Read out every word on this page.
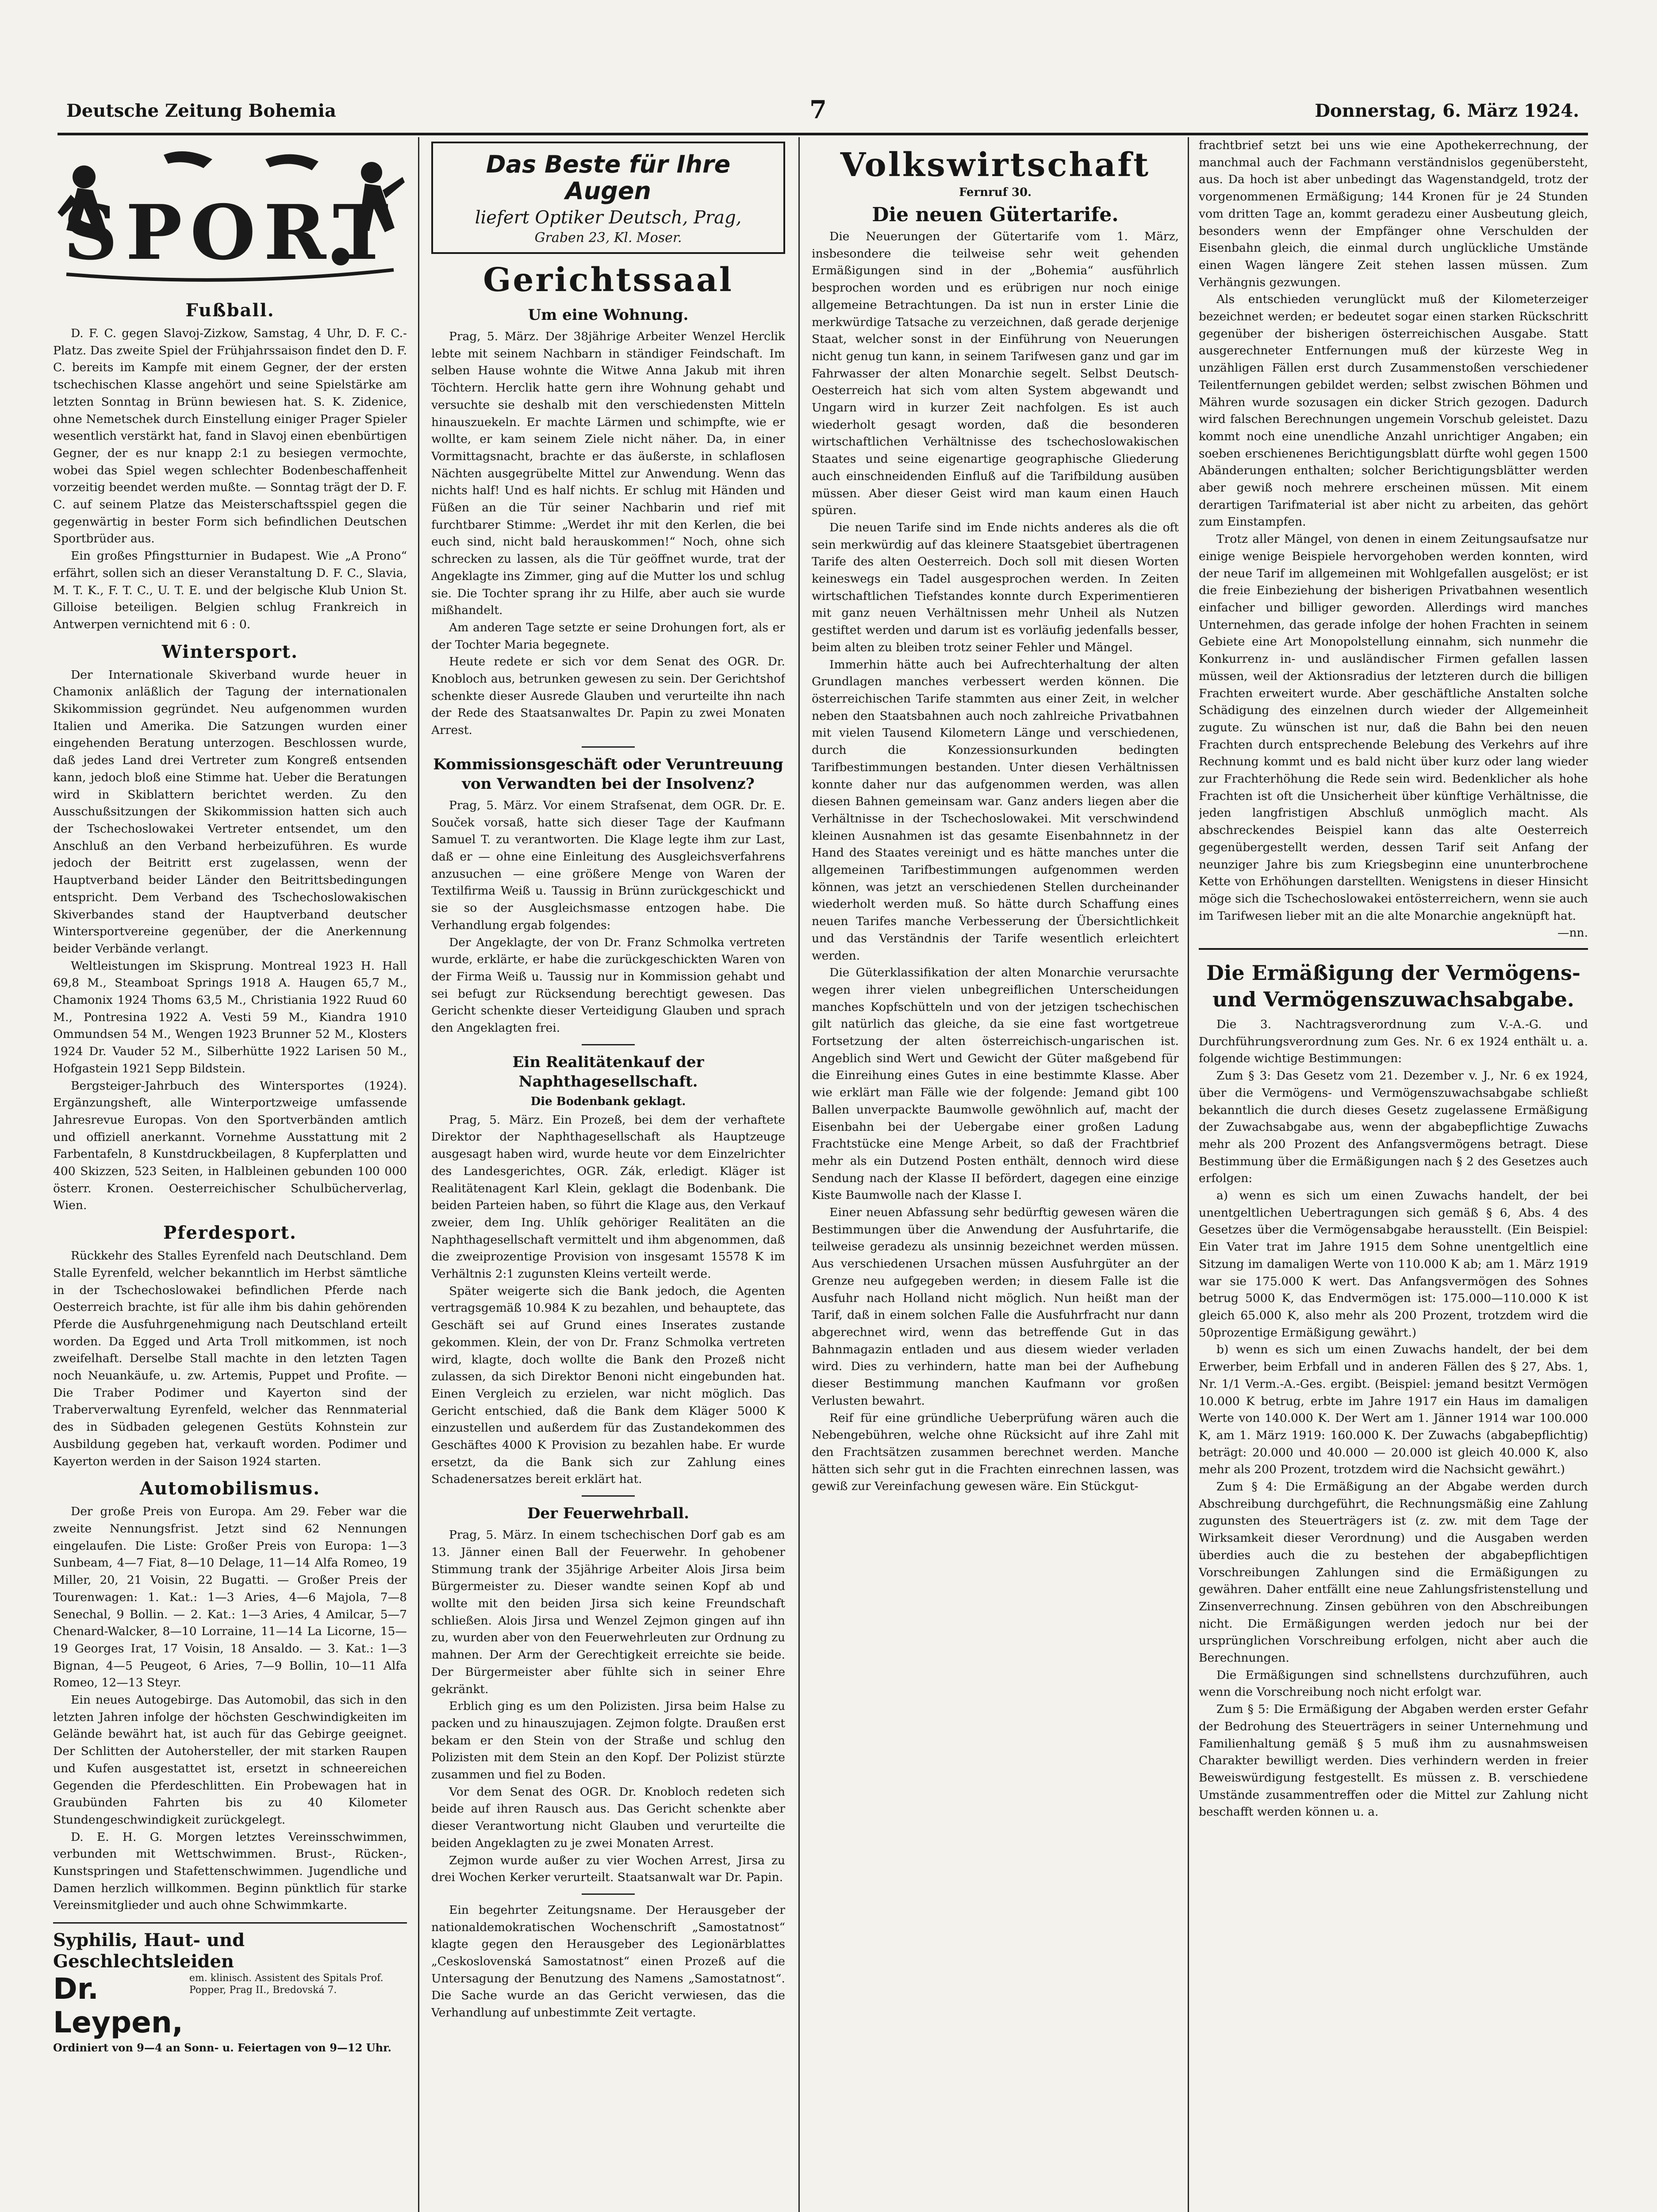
Deutsche Zeitung Bohemia	7	Donnerstag, 6. März 1924.
SPORT
Fußball.

D. F. C. gegen Slavoj-Zizkow, Samstag, 4 Uhr, D. F. C.-Platz. Das zweite Spiel der Frühjahrssaison findet den D. F. C. bereits im Kampfe mit einem Gegner, der der ersten tschechischen Klasse angehört und seine Spielstärke am letzten Sonntag in Brünn bewiesen hat. S. K. Zidenice, ohne Nemetschek durch Einstellung einiger Prager Spieler wesentlich verstärkt hat, fand in Slavoj einen ebenbürtigen Gegner, der es nur knapp 2:1 zu besiegen vermochte, wobei das Spiel wegen schlechter Bodenbeschaffenheit vorzeitig beendet werden mußte. — Sonntag trägt der D. F. C. auf seinem Platze das Meisterschaftsspiel gegen die gegenwärtig in bester Form sich befindlichen Deutschen Sportbrüder aus.

Ein großes Pfingstturnier in Budapest. Wie „A Prono“ erfährt, sollen sich an dieser Veranstaltung D. F. C., Slavia, M. T. K., F. T. C., U. T. E. und der belgische Klub Union St. Gilloise beteiligen. Belgien schlug Frankreich in Antwerpen vernichtend mit 6 : 0.

Wintersport.

Der Internationale Skiverband wurde heuer in Chamonix anläßlich der Tagung der internationalen Skikommission gegründet. Neu aufgenommen wurden Italien und Amerika. Die Satzungen wurden einer eingehenden Beratung unterzogen. Beschlossen wurde, daß jedes Land drei Vertreter zum Kongreß entsenden kann, jedoch bloß eine Stimme hat. Ueber die Beratungen wird in Skiblattern berichtet werden. Zu den Ausschußsitzungen der Skikommission hatten sich auch der Tschechoslowakei Vertreter entsendet, um den Anschluß an den Verband herbeizuführen. Es wurde jedoch der Beitritt erst zugelassen, wenn der Hauptverband beider Länder den Beitrittsbedingungen entspricht. Dem Verband des Tschechoslowakischen Skiverbandes stand der Hauptverband deutscher Wintersportvereine gegenüber, der die Anerkennung beider Verbände verlangt.

Weltleistungen im Skisprung. Montreal 1923 H. Hall 69,8 M., Steamboat Springs 1918 A. Haugen 65,7 M., Chamonix 1924 Thoms 63,5 M., Christiania 1922 Ruud 60 M., Pontresina 1922 A. Vesti 59 M., Kiandra 1910 Ommundsen 54 M., Wengen 1923 Brunner 52 M., Klosters 1924 Dr. Vauder 52 M., Silberhütte 1922 Larisen 50 M., Hofgastein 1921 Sepp Bildstein.

Bergsteiger-Jahrbuch des Wintersportes (1924). Ergänzungsheft, alle Winterportzweige umfassende Jahresrevue Europas. Von den Sportverbänden amtlich und offiziell anerkannt. Vornehme Ausstattung mit 2 Farbentafeln, 8 Kunstdruckbeilagen, 8 Kupferplatten und 400 Skizzen, 523 Seiten, in Halbleinen gebunden 100 000 österr. Kronen. Oesterreichischer Schulbücherverlag, Wien.

Pferdesport.

Rückkehr des Stalles Eyrenfeld nach Deutschland. Dem Stalle Eyrenfeld, welcher bekanntlich im Herbst sämtliche in der Tschechoslowakei befindlichen Pferde nach Oesterreich brachte, ist für alle ihm bis dahin gehörenden Pferde die Ausfuhrgenehmigung nach Deutschland erteilt worden. Da Egged und Arta Troll mitkommen, ist noch zweifelhaft. Derselbe Stall machte in den letzten Tagen noch Neuankäufe, u. zw. Artemis, Puppet und Profite. — Die Traber Podimer und Kayerton sind der Traberverwaltung Eyrenfeld, welcher das Rennmaterial des in Südbaden gelegenen Gestüts Kohnstein zur Ausbildung gegeben hat, verkauft worden. Podimer und Kayerton werden in der Saison 1924 starten.

Automobilismus.

Der große Preis von Europa. Am 29. Feber war die zweite Nennungsfrist. Jetzt sind 62 Nennungen eingelaufen. Die Liste: Großer Preis von Europa: 1—3 Sunbeam, 4—7 Fiat, 8—10 Delage, 11—14 Alfa Romeo, 19 Miller, 20, 21 Voisin, 22 Bugatti. — Großer Preis der Tourenwagen: 1. Kat.: 1—3 Aries, 4—6 Majola, 7—8 Senechal, 9 Bollin. — 2. Kat.: 1—3 Aries, 4 Amilcar, 5—7 Chenard-Walcker, 8—10 Lorraine, 11—14 La Licorne, 15—19 Georges Irat, 17 Voisin, 18 Ansaldo. — 3. Kat.: 1—3 Bignan, 4—5 Peugeot, 6 Aries, 7—9 Bollin, 10—11 Alfa Romeo, 12—13 Steyr.

Ein neues Autogebirge. Das Automobil, das sich in den letzten Jahren infolge der höchsten Geschwindigkeiten im Gelände bewährt hat, ist auch für das Gebirge geeignet. Der Schlitten der Autohersteller, der mit starken Raupen und Kufen ausgestattet ist, ersetzt in schneereichen Gegenden die Pferdeschlitten. Ein Probewagen hat in Graubünden Fahrten bis zu 40 Kilometer Stundengeschwindigkeit zurückgelegt.

D. E. H. G. Morgen letztes Vereinsschwimmen, verbunden mit Wettschwimmen. Brust-, Rücken-, Kunstspringen und Stafettenschwimmen. Jugendliche und Damen herzlich willkommen. Beginn pünktlich für starke Vereinsmitglieder und auch ohne Schwimmkarte.

Syphilis, Haut- und Geschlechtsleiden
Dr. Leypen,
em. klinisch. Assistent des Spitals Prof. Popper, Prag II., Bredovská 7.
Ordiniert von 9—4 an Sonn- u. Feiertagen von 9—12 Uhr.
Das Beste für Ihre Augen
liefert Optiker Deutsch, Prag,
Graben 23, Kl. Moser.
Gerichtssaal
Um eine Wohnung.

Prag, 5. März. Der 38jährige Arbeiter Wenzel Herclik lebte mit seinem Nachbarn in ständiger Feindschaft. Im selben Hause wohnte die Witwe Anna Jakub mit ihren Töchtern. Herclik hatte gern ihre Wohnung gehabt und versuchte sie deshalb mit den verschiedensten Mitteln hinauszuekeln. Er machte Lärmen und schimpfte, wie er wollte, er kam seinem Ziele nicht näher. Da, in einer Vormittagsnacht, brachte er das äußerste, in schlaflosen Nächten ausgegrübelte Mittel zur Anwendung. Wenn das nichts half! Und es half nichts. Er schlug mit Händen und Füßen an die Tür seiner Nachbarin und rief mit furchtbarer Stimme: „Werdet ihr mit den Kerlen, die bei euch sind, nicht bald herauskommen!“ Noch, ohne sich schrecken zu lassen, als die Tür geöffnet wurde, trat der Angeklagte ins Zimmer, ging auf die Mutter los und schlug sie. Die Tochter sprang ihr zu Hilfe, aber auch sie wurde mißhandelt.

Am anderen Tage setzte er seine Drohungen fort, als er der Tochter Maria begegnete.

Heute redete er sich vor dem Senat des OGR. Dr. Knobloch aus, betrunken gewesen zu sein. Der Gerichtshof schenkte dieser Ausrede Glauben und verurteilte ihn nach der Rede des Staatsanwaltes Dr. Papin zu zwei Monaten Arrest.

Kommissionsgeschäft oder Veruntreuung von Verwandten bei der Insolvenz?

Prag, 5. März. Vor einem Strafsenat, dem OGR. Dr. E. Souček vorsaß, hatte sich dieser Tage der Kaufmann Samuel T. zu verantworten. Die Klage legte ihm zur Last, daß er — ohne eine Einleitung des Ausgleichsverfahrens anzusuchen — eine größere Menge von Waren der Textilfirma Weiß u. Taussig in Brünn zurückgeschickt und sie so der Ausgleichsmasse entzogen habe. Die Verhandlung ergab folgendes:

Der Angeklagte, der von Dr. Franz Schmolka vertreten wurde, erklärte, er habe die zurückgeschickten Waren von der Firma Weiß u. Taussig nur in Kommission gehabt und sei befugt zur Rücksendung berechtigt gewesen. Das Gericht schenkte dieser Verteidigung Glauben und sprach den Angeklagten frei.

Ein Realitätenkauf der Naphthagesellschaft.
Die Bodenbank geklagt.

Prag, 5. März. Ein Prozeß, bei dem der verhaftete Direktor der Naphthagesellschaft als Hauptzeuge ausgesagt haben wird, wurde heute vor dem Einzelrichter des Landesgerichtes, OGR. Zák, erledigt. Kläger ist Realitätenagent Karl Klein, geklagt die Bodenbank. Die beiden Parteien haben, so führt die Klage aus, den Verkauf zweier, dem Ing. Uhlík gehöriger Realitäten an die Naphthagesellschaft vermittelt und ihm abgenommen, daß die zweiprozentige Provision von insgesamt 15578 K im Verhältnis 2:1 zugunsten Kleins verteilt werde.

Später weigerte sich die Bank jedoch, die Agenten vertragsgemäß 10.984 K zu bezahlen, und behauptete, das Geschäft sei auf Grund eines Inserates zustande gekommen. Klein, der von Dr. Franz Schmolka vertreten wird, klagte, doch wollte die Bank den Prozeß nicht zulassen, da sich Direktor Benoni nicht eingebunden hat. Einen Vergleich zu erzielen, war nicht möglich. Das Gericht entschied, daß die Bank dem Kläger 5000 K einzustellen und außerdem für das Zustandekommen des Geschäftes 4000 K Provision zu bezahlen habe. Er wurde ersetzt, da die Bank sich zur Zahlung eines Schadenersatzes bereit erklärt hat.

Der Feuerwehrball.

Prag, 5. März. In einem tschechischen Dorf gab es am 13. Jänner einen Ball der Feuerwehr. In gehobener Stimmung trank der 35jährige Arbeiter Alois Jirsa beim Bürgermeister zu. Dieser wandte seinen Kopf ab und wollte mit den beiden Jirsa sich keine Freundschaft schließen. Alois Jirsa und Wenzel Zejmon gingen auf ihn zu, wurden aber von den Feuerwehrleuten zur Ordnung zu mahnen. Der Arm der Gerechtigkeit erreichte sie beide. Der Bürgermeister aber fühlte sich in seiner Ehre gekränkt.

Erblich ging es um den Polizisten. Jirsa beim Halse zu packen und zu hinauszujagen. Zejmon folgte. Draußen erst bekam er den Stein von der Straße und schlug den Polizisten mit dem Stein an den Kopf. Der Polizist stürzte zusammen und fiel zu Boden.

Vor dem Senat des OGR. Dr. Knobloch redeten sich beide auf ihren Rausch aus. Das Gericht schenkte aber dieser Verantwortung nicht Glauben und verurteilte die beiden Angeklagten zu je zwei Monaten Arrest.

Zejmon wurde außer zu vier Wochen Arrest, Jirsa zu drei Wochen Kerker verurteilt. Staatsanwalt war Dr. Papin.

Ein begehrter Zeitungsname. Der Herausgeber der nationaldemokratischen Wochenschrift „Samostatnost“ klagte gegen den Herausgeber des Legionärblattes „Ceskoslovenská Samostatnost“ einen Prozeß auf die Untersagung der Benutzung des Namens „Samostatnost“. Die Sache wurde an das Gericht verwiesen, das die Verhandlung auf unbestimmte Zeit vertagte.

Volkswirtschaft
Fernruf 30.
Die neuen Gütertarife.

Die Neuerungen der Gütertarife vom 1. März, insbesondere die teilweise sehr weit gehenden Ermäßigungen sind in der „Bohemia“ ausführlich besprochen worden und es erübrigen nur noch einige allgemeine Betrachtungen. Da ist nun in erster Linie die merkwürdige Tatsache zu verzeichnen, daß gerade derjenige Staat, welcher sonst in der Einführung von Neuerungen nicht genug tun kann, in seinem Tarifwesen ganz und gar im Fahrwasser der alten Monarchie segelt. Selbst Deutsch-Oesterreich hat sich vom alten System abgewandt und Ungarn wird in kurzer Zeit nachfolgen. Es ist auch wiederholt gesagt worden, daß die besonderen wirtschaftlichen Verhältnisse des tschechoslowakischen Staates und seine eigenartige geographische Gliederung auch einschneidenden Einfluß auf die Tarifbildung ausüben müssen. Aber dieser Geist wird man kaum einen Hauch spüren.

Die neuen Tarife sind im Ende nichts anderes als die oft sein merkwürdig auf das kleinere Staatsgebiet übertragenen Tarife des alten Oesterreich. Doch soll mit diesen Worten keineswegs ein Tadel ausgesprochen werden. In Zeiten wirtschaftlichen Tiefstandes konnte durch Experimentieren mit ganz neuen Verhältnissen mehr Unheil als Nutzen gestiftet werden und darum ist es vorläufig jedenfalls besser, beim alten zu bleiben trotz seiner Fehler und Mängel.

Immerhin hätte auch bei Aufrechterhaltung der alten Grundlagen manches verbessert werden können. Die österreichischen Tarife stammten aus einer Zeit, in welcher neben den Staatsbahnen auch noch zahlreiche Privatbahnen mit vielen Tausend Kilometern Länge und verschiedenen, durch die Konzessionsurkunden bedingten Tarifbestimmungen bestanden. Unter diesen Verhältnissen konnte daher nur das aufgenommen werden, was allen diesen Bahnen gemeinsam war. Ganz anders liegen aber die Verhältnisse in der Tschechoslowakei. Mit verschwindend kleinen Ausnahmen ist das gesamte Eisenbahnnetz in der Hand des Staates vereinigt und es hätte manches unter die allgemeinen Tarifbestimmungen aufgenommen werden können, was jetzt an verschiedenen Stellen durcheinander wiederholt werden muß. So hätte durch Schaffung eines neuen Tarifes manche Verbesserung der Übersichtlichkeit und das Verständnis der Tarife wesentlich erleichtert werden.

Die Güterklassifikation der alten Monarchie verursachte wegen ihrer vielen unbegreiflichen Unterscheidungen manches Kopfschütteln und von der jetzigen tschechischen gilt natürlich das gleiche, da sie eine fast wortgetreue Fortsetzung der alten österreichisch-ungarischen ist. Angeblich sind Wert und Gewicht der Güter maßgebend für die Einreihung eines Gutes in eine bestimmte Klasse. Aber wie erklärt man Fälle wie der folgende: Jemand gibt 100 Ballen unverpackte Baumwolle gewöhnlich auf, macht der Eisenbahn bei der Uebergabe einer großen Ladung Frachtstücke eine Menge Arbeit, so daß der Frachtbrief mehr als ein Dutzend Posten enthält, dennoch wird diese Sendung nach der Klasse II befördert, dagegen eine einzige Kiste Baumwolle nach der Klasse I.

Einer neuen Abfassung sehr bedürftig gewesen wären die Bestimmungen über die Anwendung der Ausfuhrtarife, die teilweise geradezu als unsinnig bezeichnet werden müssen. Aus verschiedenen Ursachen müssen Ausfuhrgüter an der Grenze neu aufgegeben werden; in diesem Falle ist die Ausfuhr nach Holland nicht möglich. Nun heißt man der Tarif, daß in einem solchen Falle die Ausfuhrfracht nur dann abgerechnet wird, wenn das betreffende Gut in das Bahnmagazin entladen und aus diesem wieder verladen wird. Dies zu verhindern, hatte man bei der Aufhebung dieser Bestimmung manchen Kaufmann vor großen Verlusten bewahrt.

Reif für eine gründliche Ueberprüfung wären auch die Nebengebühren, welche ohne Rücksicht auf ihre Zahl mit den Frachtsätzen zusammen berechnet werden. Manche hätten sich sehr gut in die Frachten einrechnen lassen, was gewiß zur Vereinfachung gewesen wäre. Ein Stückgut-

frachtbrief setzt bei uns wie eine Apothekerrechnung, der manchmal auch der Fachmann verständnislos gegenübersteht, aus. Da hoch ist aber unbedingt das Wagenstandgeld, trotz der vorgenommenen Ermäßigung; 144 Kronen für je 24 Stunden vom dritten Tage an, kommt geradezu einer Ausbeutung gleich, besonders wenn der Empfänger ohne Verschulden der Eisenbahn gleich, die einmal durch unglückliche Umstände einen Wagen längere Zeit stehen lassen müssen. Zum Verhängnis gezwungen.

Als entschieden verunglückt muß der Kilometerzeiger bezeichnet werden; er bedeutet sogar einen starken Rückschritt gegenüber der bisherigen österreichischen Ausgabe. Statt ausgerechneter Entfernungen muß der kürzeste Weg in unzähligen Fällen erst durch Zusammenstoßen verschiedener Teilentfernungen gebildet werden; selbst zwischen Böhmen und Mähren wurde sozusagen ein dicker Strich gezogen. Dadurch wird falschen Berechnungen ungemein Vorschub geleistet. Dazu kommt noch eine unendliche Anzahl unrichtiger Angaben; ein soeben erschienenes Berichtigungsblatt dürfte wohl gegen 1500 Abänderungen enthalten; solcher Berichtigungsblätter werden aber gewiß noch mehrere erscheinen müssen. Mit einem derartigen Tarifmaterial ist aber nicht zu arbeiten, das gehört zum Einstampfen.

Trotz aller Mängel, von denen in einem Zeitungsaufsatze nur einige wenige Beispiele hervorgehoben werden konnten, wird der neue Tarif im allgemeinen mit Wohlgefallen ausgelöst; er ist die freie Einbeziehung der bisherigen Privatbahnen wesentlich einfacher und billiger geworden. Allerdings wird manches Unternehmen, das gerade infolge der hohen Frachten in seinem Gebiete eine Art Monopolstellung einnahm, sich nunmehr die Konkurrenz in- und ausländischer Firmen gefallen lassen müssen, weil der Aktionsradius der letzteren durch die billigen Frachten erweitert wurde. Aber geschäftliche Anstalten solche Schädigung des einzelnen durch wieder der Allgemeinheit zugute. Zu wünschen ist nur, daß die Bahn bei den neuen Frachten durch entsprechende Belebung des Verkehrs auf ihre Rechnung kommt und es bald nicht über kurz oder lang wieder zur Frachterhöhung die Rede sein wird. Bedenklicher als hohe Frachten ist oft die Unsicherheit über künftige Verhältnisse, die jeden langfristigen Abschluß unmöglich macht. Als abschreckendes Beispiel kann das alte Oesterreich gegenübergestellt werden, dessen Tarif seit Anfang der neunziger Jahre bis zum Kriegsbeginn eine ununterbrochene Kette von Erhöhungen darstellten. Wenigstens in dieser Hinsicht möge sich die Tschechoslowakei entösterreichern, wenn sie auch im Tarifwesen lieber mit an die alte Monarchie angeknüpft hat.

—nn.

Die Ermäßigung der Vermögens- und Vermögenszuwachsabgabe.

Die 3. Nachtragsverordnung zum V.-A.-G. und Durchführungsverordnung zum Ges. Nr. 6 ex 1924 enthält u. a. folgende wichtige Bestimmungen:

Zum § 3: Das Gesetz vom 21. Dezember v. J., Nr. 6 ex 1924, über die Vermögens- und Vermögenszuwachsabgabe schließt bekanntlich die durch dieses Gesetz zugelassene Ermäßigung der Zuwachsabgabe aus, wenn der abgabepflichtige Zuwachs mehr als 200 Prozent des Anfangsvermögens betragt. Diese Bestimmung über die Ermäßigungen nach § 2 des Gesetzes auch erfolgen:

a) wenn es sich um einen Zuwachs handelt, der bei unentgeltlichen Uebertragungen sich gemäß § 6, Abs. 4 des Gesetzes über die Vermögensabgabe herausstellt. (Ein Beispiel: Ein Vater trat im Jahre 1915 dem Sohne unentgeltlich eine Sitzung im damaligen Werte von 110.000 K ab; am 1. März 1919 war sie 175.000 K wert. Das Anfangsvermögen des Sohnes betrug 5000 K, das Endvermögen ist: 175.000—110.000 K ist gleich 65.000 K, also mehr als 200 Prozent, trotzdem wird die 50prozentige Ermäßigung gewährt.)

b) wenn es sich um einen Zuwachs handelt, der bei dem Erwerber, beim Erbfall und in anderen Fällen des § 27, Abs. 1, Nr. 1/1 Verm.-A.-Ges. ergibt. (Beispiel: jemand besitzt Vermögen 10.000 K betrug, erbte im Jahre 1917 ein Haus im damaligen Werte von 140.000 K. Der Wert am 1. Jänner 1914 war 100.000 K, am 1. März 1919: 160.000 K. Der Zuwachs (abgabepflichtig) beträgt: 20.000 und 40.000 — 20.000 ist gleich 40.000 K, also mehr als 200 Prozent, trotzdem wird die Nachsicht gewährt.)

Zum § 4: Die Ermäßigung an der Abgabe werden durch Abschreibung durchgeführt, die Rechnungsmäßig eine Zahlung zugunsten des Steuerträgers ist (z. zw. mit dem Tage der Wirksamkeit dieser Verordnung) und die Ausgaben werden überdies auch die zu bestehen der abgabepflichtigen Vorschreibungen Zahlungen sind die Ermäßigungen zu gewähren. Daher entfällt eine neue Zahlungsfristenstellung und Zinsenverrechnung. Zinsen gebühren von den Abschreibungen nicht. Die Ermäßigungen werden jedoch nur bei der ursprünglichen Vorschreibung erfolgen, nicht aber auch die Berechnungen.

Die Ermäßigungen sind schnellstens durchzuführen, auch wenn die Vorschreibung noch nicht erfolgt war.

Zum § 5: Die Ermäßigung der Abgaben werden erster Gefahr der Bedrohung des Steuerträgers in seiner Unternehmung und Familienhaltung gemäß § 5 muß ihm zu ausnahmsweisen Charakter bewilligt werden. Dies verhindern werden in freier Beweiswürdigung festgestellt. Es müssen z. B. verschiedene Umstände zusammentreffen oder die Mittel zur Zahlung nicht beschafft werden können u. a.
